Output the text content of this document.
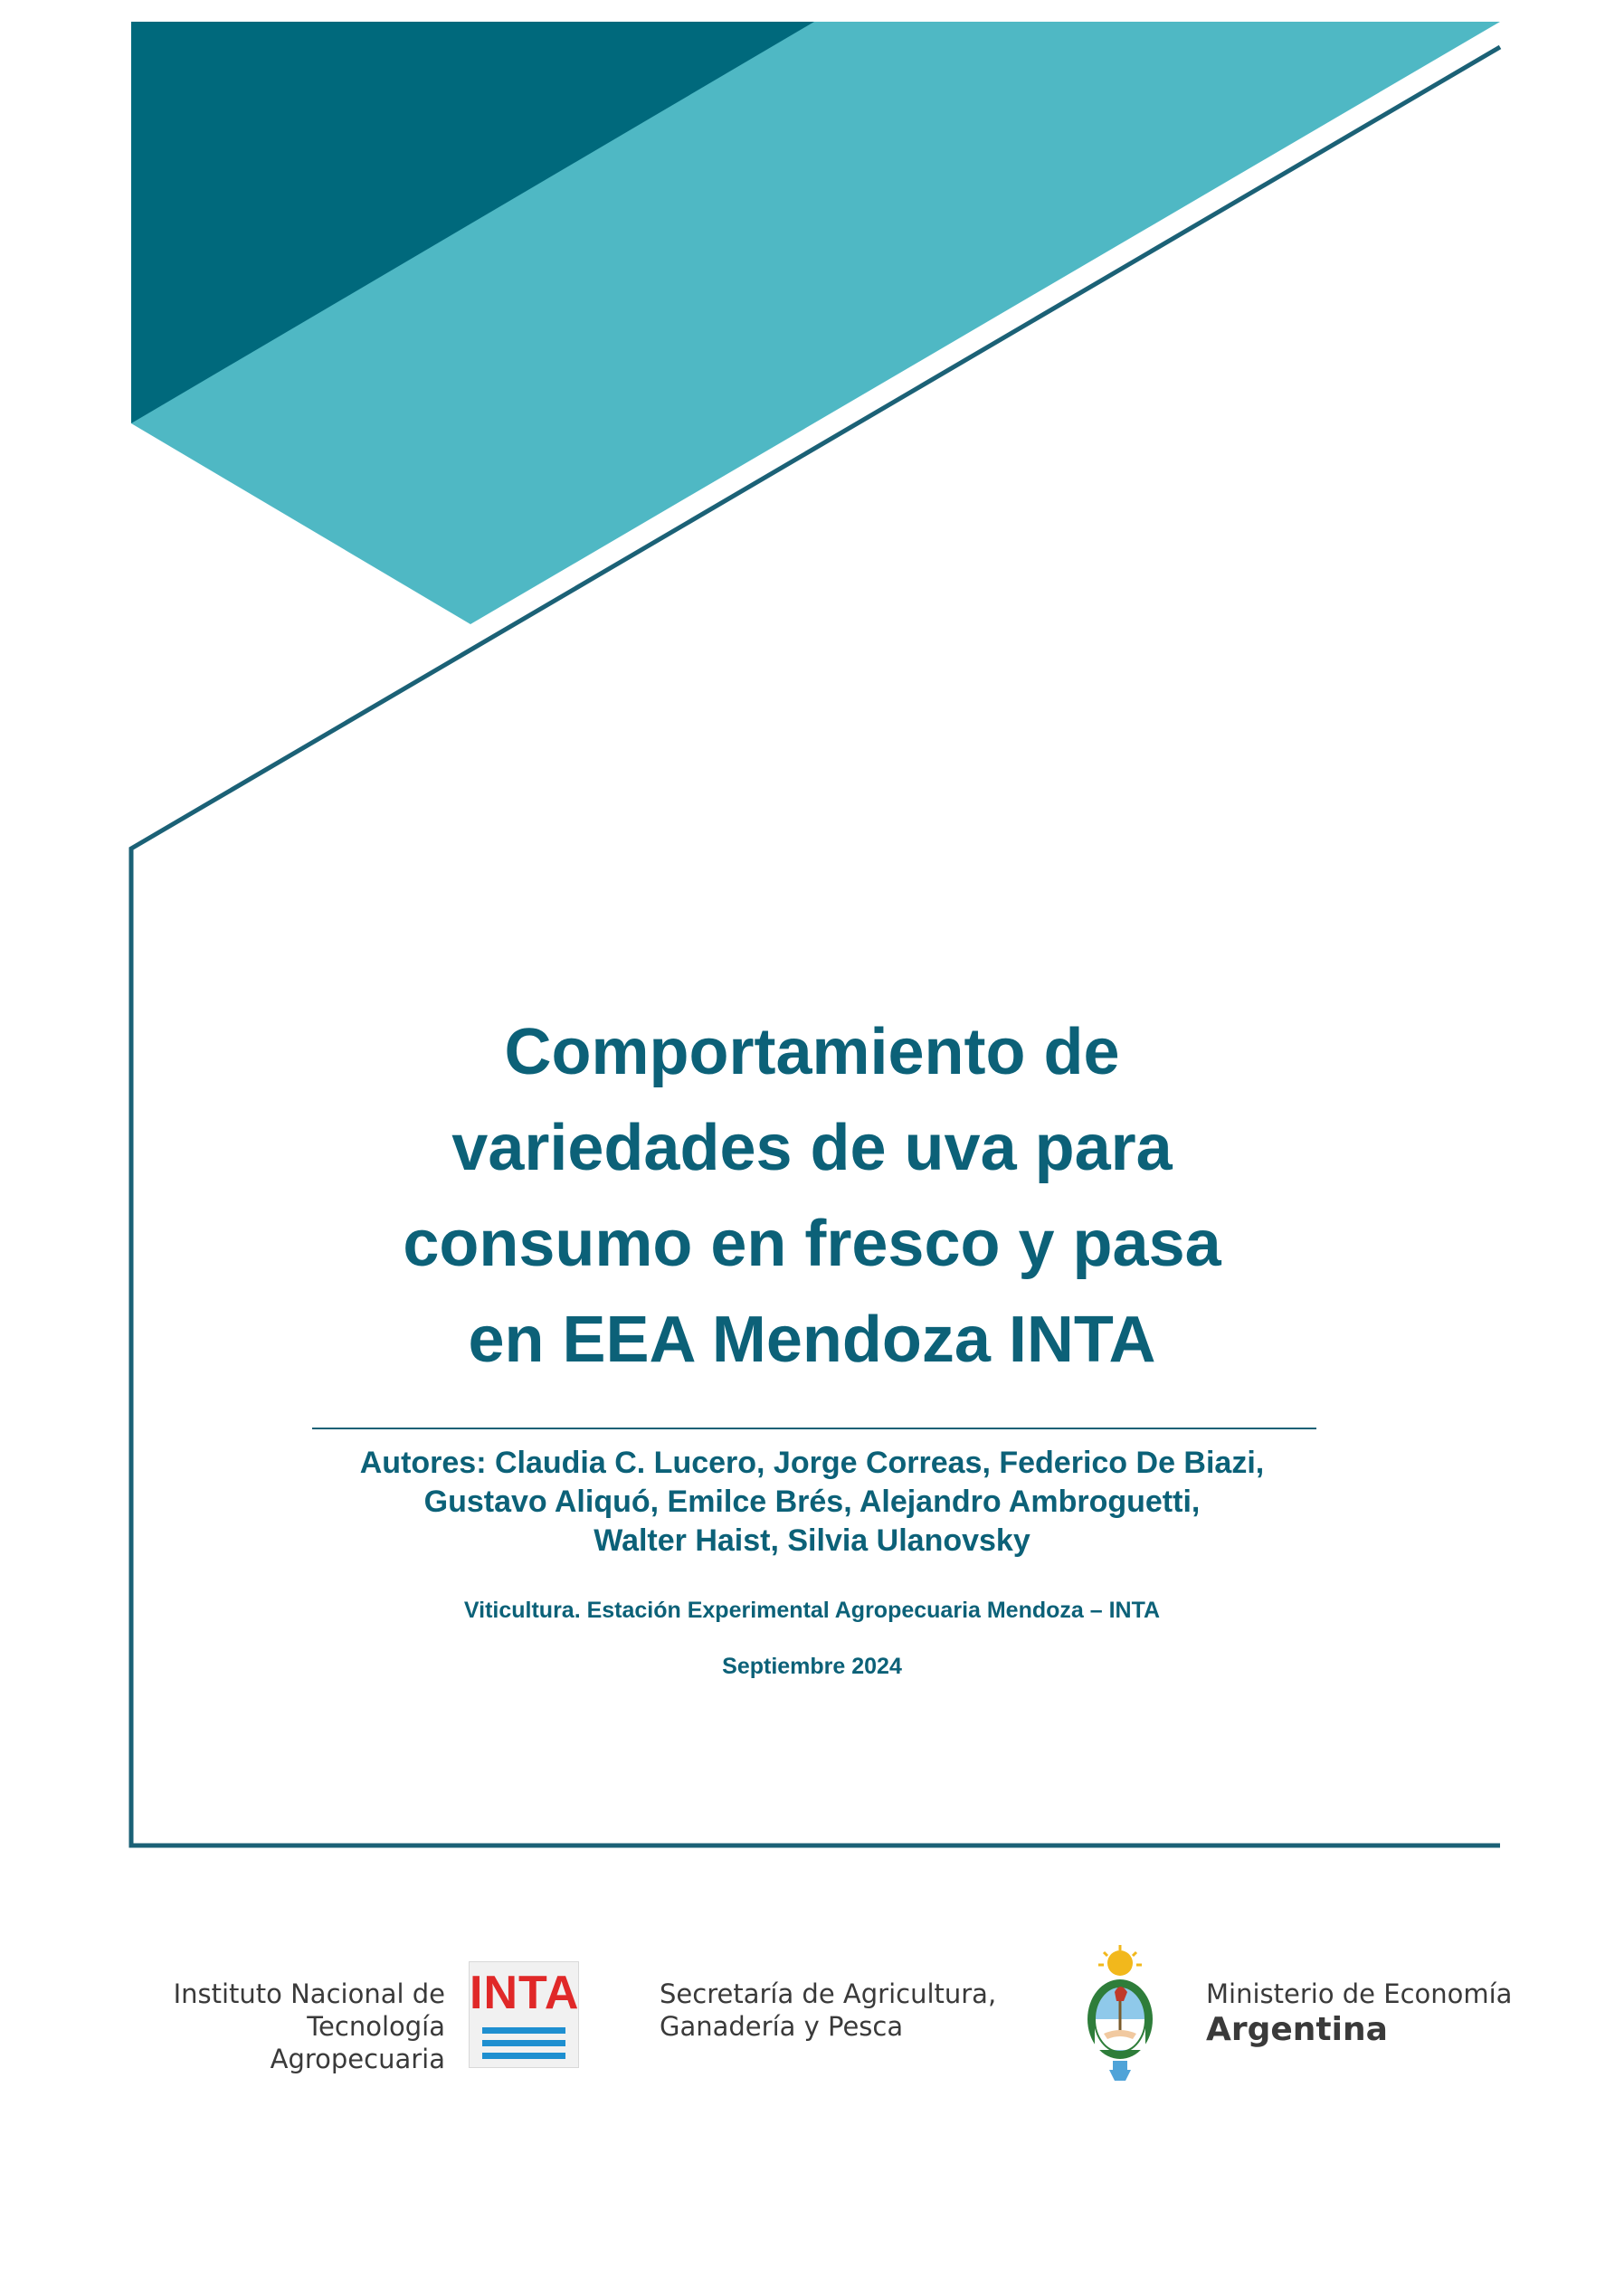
Comportamiento de
variedades de uva para
consumo en fresco y pasa
en EEA Mendoza INTA
Autores: Claudia C. Lucero, Jorge Correas, Federico De Biazi,
Gustavo Aliquó, Emilce Brés, Alejandro Ambroguetti,
Walter Haist, Silvia Ulanovsky
Viticultura. Estación Experimental Agropecuaria Mendoza – INTA
Septiembre 2024
Instituto Nacional de
Tecnología Agropecuaria
INTA	Secretaría de Agricultura,
Ganadería y Pesca
Ministerio de Economía
Argentina
